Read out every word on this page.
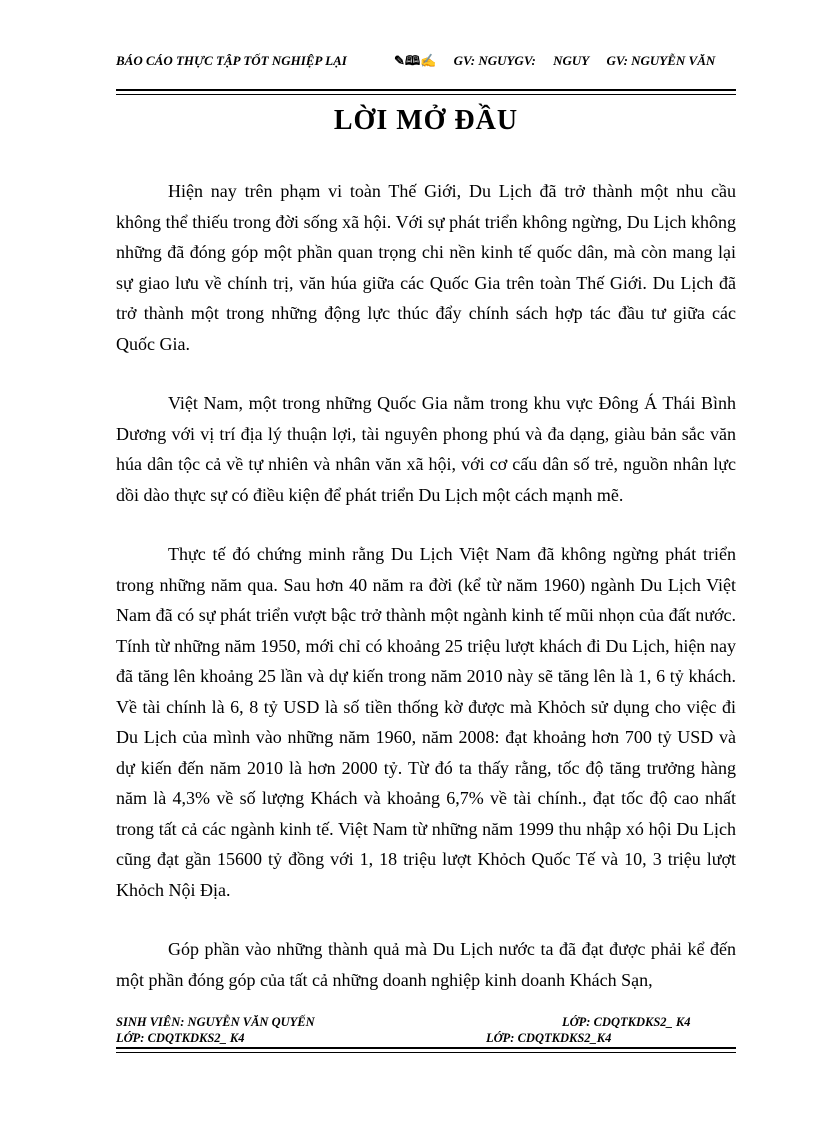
BÁO CÁO THỰC TẬP TỐT NGHIỆP LẠI	✎🕮✍ GV: NGUYGV: NGUY GV: NGUYỄN VĂN
LỜI MỞ ĐẦU

Hiện nay trên phạm vi toàn Thế Giới, Du Lịch đã trở thành một nhu cầu không thể thiếu trong đời sống xã hội. Với sự phát triển không ngừng, Du Lịch không những đã đóng góp một phần quan trọng chi nền kinh tế quốc dân, mà còn mang lại sự giao lưu về chính trị, văn húa giữa các Quốc Gia trên toàn Thế Giới. Du Lịch đã trở thành một trong những động lực thúc đẩy chính sách hợp tác đầu tư giữa các Quốc Gia.

Việt Nam, một trong những Quốc Gia nằm trong khu vực Đông Á Thái Bình Dương với vị trí địa lý thuận lợi, tài nguyên phong phú và đa dạng, giàu bản sắc văn húa dân tộc cả về tự nhiên và nhân văn xã hội, với cơ cấu dân số trẻ, nguồn nhân lực dồi dào thực sự có điều kiện để phát triển Du Lịch một cách mạnh mẽ.

Thực tế đó chứng minh rằng Du Lịch Việt Nam đã không ngừng phát triển trong những năm qua. Sau hơn 40 năm ra đời (kể từ năm 1960) ngành Du Lịch Việt Nam đã có sự phát triển vượt bậc trở thành một ngành kinh tế mũi nhọn của đất nước. Tính từ những năm 1950, mới chỉ có khoảng 25 triệu lượt khách đi Du Lịch, hiện nay đã tăng lên khoảng 25 lần và dự kiến trong năm 2010 này sẽ tăng lên là 1, 6 tỷ khách. Về tài chính là 6, 8 tỷ USD là số tiền thống kờ được mà Khỏch sử dụng cho việc đi Du Lịch của mình vào những năm 1960, năm 2008: đạt khoảng hơn 700 tỷ USD và dự kiến đến năm 2010 là hơn 2000 tỷ. Từ đó ta thấy rằng, tốc độ tăng trưởng hàng năm là 4,3% về số lượng Khách và khoảng 6,7% về tài chính., đạt tốc độ cao nhất trong tất cả các ngành kinh tế. Việt Nam từ những năm 1999 thu nhập xó hội Du Lịch cũng đạt gần 15600 tỷ đồng với 1, 18 triệu lượt Khỏch Quốc Tế và 10, 3 triệu lượt Khỏch Nội Địa.

Góp phần vào những thành quả mà Du Lịch nước ta đã đạt được phải kể đến một phần đóng góp của tất cả những doanh nghiệp kinh doanh Khách Sạn,

SINH VIÊN: NGUYỄN VĂN QUYẾN	LỚP: CDQTKDKS2_ K4
LỚP: CDQTKDKS2_ K4	LỚP: CDQTKDKS2_K4
